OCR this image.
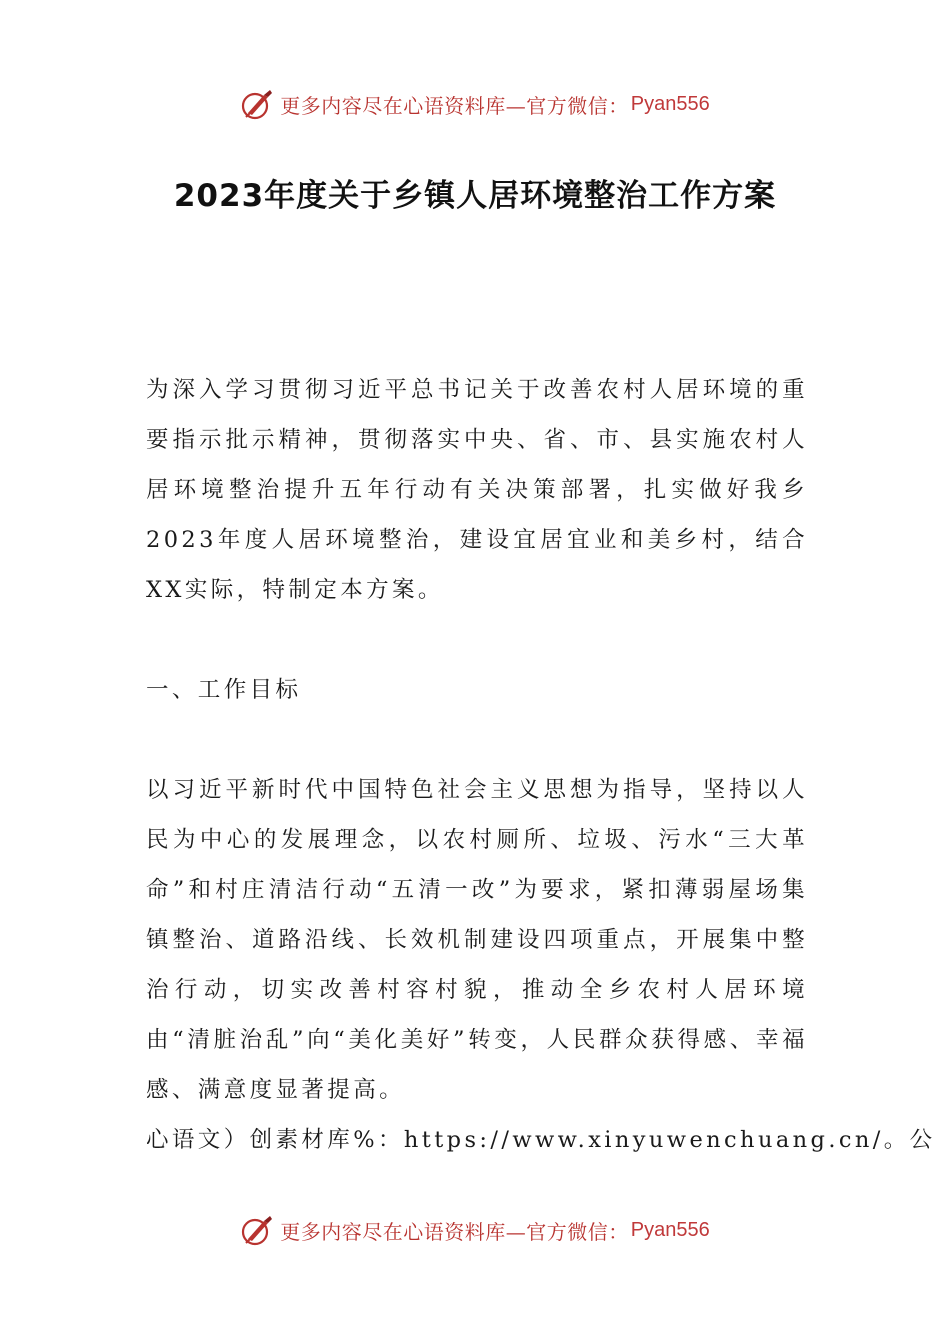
更多内容尽在心语资料库—官方微信： Pyan556
2023年度关于乡镇人居环境整治工作方案

为深入学习贯彻习近平总书记关于改善农村人居环境的重要指示批示精神，贯彻落实中央、省、市、县实施农村人居环境整治提升五年行动有关决策部署，扎实做好我乡2023年度人居环境整治，建设宜居宜业和美乡村，结合XX实际，特制定本方案。

一、工作目标

以习近平新时代中国特色社会主义思想为指导，坚持以人民为中心的发展理念，以农村厕所、垃圾、污水“三大革命”和村庄清洁行动“五清一改”为要求，紧扣薄弱屋场集镇整治、道路沿线、长效机制建设四项重点，开展集中整治行动，切实改善村容村貌，推动全乡农村人居环境由“清脏治乱”向“美化美好”转变，人民群众获得感、幸福感、满意度显著提高。

心语文）创素材库%：https://www.xinyuwenchuang.cn/。公

更多内容尽在心语资料库—官方微信： Pyan556
